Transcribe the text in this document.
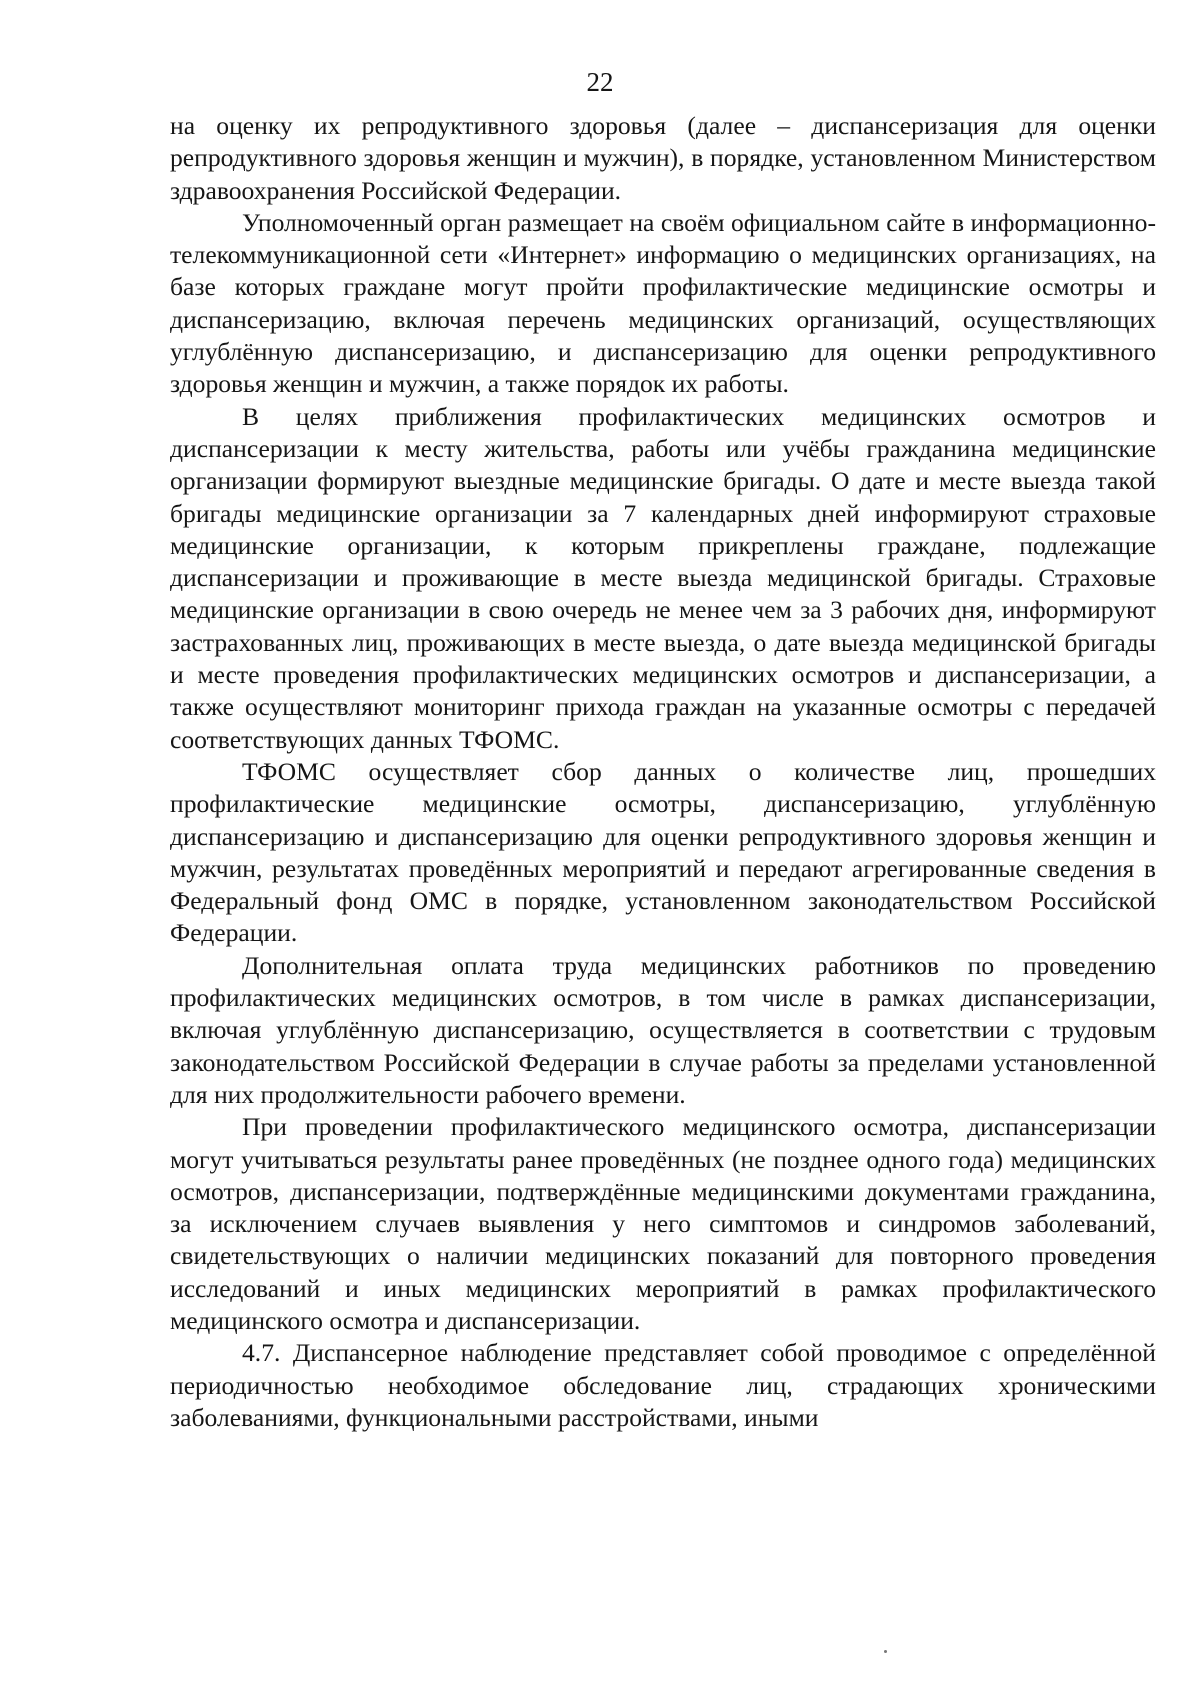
22

на оценку их репродуктивного здоровья (далее – диспансеризация для оценки репродуктивного здоровья женщин и мужчин), в порядке, установленном Министерством здравоохранения Российской Федерации.

Уполномоченный орган размещает на своём официальном сайте в информационно-телекоммуникационной сети «Интернет» информацию о медицинских организациях, на базе которых граждане могут пройти профилактические медицинские осмотры и диспансеризацию, включая перечень медицинских организаций, осуществляющих углублённую диспансеризацию, и диспансеризацию для оценки репродуктивного здоровья женщин и мужчин, а также порядок их работы.

В целях приближения профилактических медицинских осмотров и диспансеризации к месту жительства, работы или учёбы гражданина медицинские организации формируют выездные медицинские бригады. О дате и месте выезда такой бригады медицинские организации за 7 календарных дней информируют страховые медицинские организации, к которым прикреплены граждане, подлежащие диспансеризации и проживающие в месте выезда медицинской бригады. Страховые медицинские организации в свою очередь не менее чем за 3 рабочих дня, информируют застрахованных лиц, проживающих в месте выезда, о дате выезда медицинской бригады и месте проведения профилактических медицинских осмотров и диспансеризации, а также осуществляют мониторинг прихода граждан на указанные осмотры с передачей соответствующих данных ТФОМС.

ТФОМС осуществляет сбор данных о количестве лиц, прошедших профилактические медицинские осмотры, диспансеризацию, углублённую диспансеризацию и диспансеризацию для оценки репродуктивного здоровья женщин и мужчин, результатах проведённых мероприятий и передают агрегированные сведения в Федеральный фонд ОМС в порядке, установленном законодательством Российской Федерации.

Дополнительная оплата труда медицинских работников по проведению профилактических медицинских осмотров, в том числе в рамках диспансеризации, включая углублённую диспансеризацию, осуществляется в соответствии с трудовым законодательством Российской Федерации в случае работы за пределами установленной для них продолжительности рабочего времени.

При проведении профилактического медицинского осмотра, диспансеризации могут учитываться результаты ранее проведённых (не позднее одного года) медицинских осмотров, диспансеризации, подтверждённые медицинскими документами гражданина, за исключением случаев выявления у него симптомов и синдромов заболеваний, свидетельствующих о наличии медицинских показаний для повторного проведения исследований и иных медицинских мероприятий в рамках профилактического медицинского осмотра и диспансеризации.

4.7. Диспансерное наблюдение представляет собой проводимое с определённой периодичностью необходимое обследование лиц, страдающих хроническими заболеваниями, функциональными расстройствами, иными
